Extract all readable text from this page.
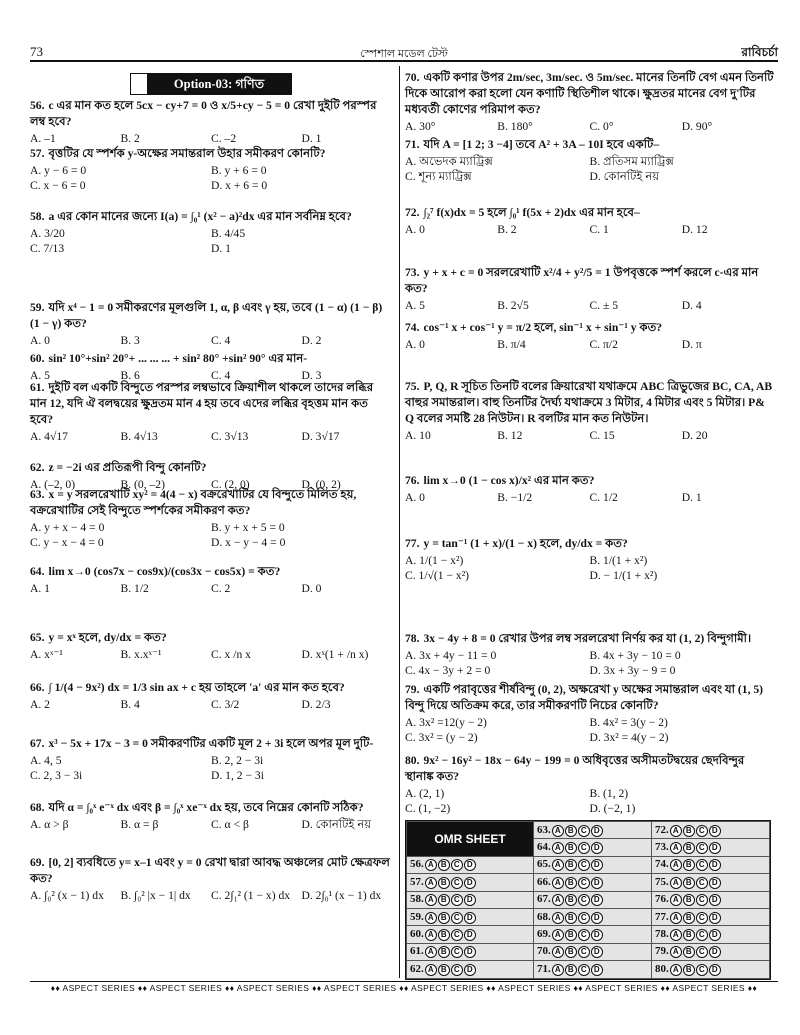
73	স্পেশাল মডেল টেস্ট	রাবিচর্চা
Option-03: গণিত
56. c এর মান কত হলে 5cx − cy+7 = 0 ও x/5+cy − 5 = 0 রেখা দুইটি পরস্পর লম্ব হবে?
A. –1	B. 2	C. –2	D. 1
57. বৃত্তটির যে স্পর্শক y-অক্ষের সমান্তরাল উহার সমীকরণ কোনটি?
A. y − 6 = 0	B. y + 6 = 0
C. x − 6 = 0	D. x + 6 = 0
58. a এর কোন মানের জন্যে I(a) = ∫₀¹ (x² − a)²dx এর মান সর্বনিম্ন হবে?
A. 3/20	B. 4/45
C. 7/13	D. 1
59. যদি x⁴ − 1 = 0 সমীকরণের মূলগুলি 1, α, β এবং γ হয়, তবে (1 − α) (1 − β) (1 − γ) কত?
A. 0	B. 3	C. 4	D. 2
60. sin² 10°+sin² 20°+ ... ... ... + sin² 80° +sin² 90° এর মান-
A. 5	B. 6	C. 4	D. 3
61. দুইটি বল একটি বিন্দুতে পরস্পর লম্বভাবে ক্রিয়াশীল থাকলে তাদের লব্ধির মান 12, যদি ঐ বলদ্বয়ের ক্ষুদ্রতম মান 4 হয় তবে এদের লব্ধির বৃহত্তম মান কত হবে?
A. 4√17	B. 4√13	C. 3√13	D. 3√17
62. z = −2i এর প্রতিরূপী বিন্দু কোনটি?
A. (–2, 0)	B. (0, –2)	C. (2, 0)	D. (0, 2)
63. x = y সরলরেখাটি xy² = 4(4 − x) বক্ররেখাটির যে বিন্দুতে মিলিত হয়, বক্ররেখাটির সেই বিন্দুতে স্পর্শকের সমীকরণ কত?
A. y + x − 4 = 0	B. y + x + 5 = 0
C. y − x − 4 = 0	D. x − y − 4 = 0
64. lim x→0 (cos7x − cos9x)/(cos3x − cos5x) = কত?
A. 1	B. 1/2	C. 2	D. 0
65. y = xˣ হলে, dy/dx = কত?
A. xˣ⁻¹	B. x.xˣ⁻¹	C. x /n x	D. xˣ(1 + /n x)
66. ∫ 1/(4 − 9x²) dx = 1/3 sin ax + c হয় তাহলে 'a' এর মান কত হবে?
A. 2	B. 4	C. 3/2	D. 2/3
67. x³ − 5x + 17x − 3 = 0 সমীকরণটির একটি মূল 2 + 3i হলে অপর মূল দুটি-
A. 4, 5	B. 2, 2 − 3i
C. 2, 3 − 3i	D. 1, 2 − 3i
68. যদি α = ∫₀ˣ e⁻ˣ dx এবং β = ∫₀ˣ xe⁻ˣ dx হয়, তবে নিম্নের কোনটি সঠিক?
A. α > β	B. α = β	C. α < β	D. কোনটিই নয়
69. [0, 2] ব্যবধিতে y= x–1 এবং y = 0 রেখা দ্বারা আবদ্ধ অঞ্চলের মোট ক্ষেত্রফল কত?
A. ∫₀² (x − 1) dx	B. ∫₀² |x − 1| dx	C. 2∫₁² (1 − x) dx D. 2∫₀¹ (x − 1) dx
70. একটি কণার উপর 2m/sec, 3m/sec. ও 5m/sec. মানের তিনটি বেগ এমন তিনটি দিকে আরোপ করা হলো যেন কণাটি স্থিতিশীল থাকে। ক্ষুদ্রতর মানের বেগ দু'টির মধ্যবর্তী কোণের পরিমাপ কত?
A. 30°	B. 180°	C. 0°	D. 90°
71. যদি A = [1 2; 3 −4] তবে A² + 3A – 10I হবে একটি–
A. অভেদক ম্যাট্রিক্স	B. প্রতিসম ম্যাট্রিক্স
C. শূন্য ম্যাট্রিক্স	D. কোনটিই নয়
72. ∫₂⁷ f(x)dx = 5 হলে ∫₀¹ f(5x + 2)dx এর মান হবে–
A. 0	B. 2	C. 1	D. 12
73. y + x + c = 0 সরলরেখাটি x²/4 + y²/5 = 1 উপবৃত্তকে স্পর্শ করলে c-এর মান কত?
A. 5	B. 2√5	C. ± 5	D. 4
74. cos⁻¹ x + cos⁻¹ y = π/2 হলে, sin⁻¹ x + sin⁻¹ y কত?
A. 0	B. π/4	C. π/2	D. π
75. P, Q, R সূচিত তিনটি বলের ক্রিয়ারেখা যথাক্রমে ABC ত্রিভুজের BC, CA, AB বাহুর সমান্তরাল। বাহু তিনটির দৈর্ঘ্য যথাক্রমে 3 মিটার, 4 মিটার এবং 5 মিটার। P& Q বলের সমষ্টি 28 নিউটন। R বলটির মান কত নিউটন।
A. 10	B. 12	C. 15	D. 20
76. lim x→0 (1 − cos x)/x² এর মান কত?
A. 0	B. −1/2	C. 1/2	D. 1
77. y = tan⁻¹ (1 + x)/(1 − x) হলে, dy/dx = কত?
A. 1/(1 − x²)	B. 1/(1 + x²)
C. 1/√(1 − x²)	D. − 1/(1 + x²)
78. 3x − 4y + 8 = 0 রেখার উপর লম্ব সরলরেখা নির্ণয় কর যা (1, 2) বিন্দুগামী।
A. 3x + 4y − 11 = 0	B. 4x + 3y − 10 = 0
C. 4x − 3y + 2 = 0	D. 3x + 3y − 9 = 0
79. একটি পরাবৃত্তের শীর্ষবিন্দু (0, 2), অক্ষরেখা y অক্ষের সমান্তরাল এবং যা (1, 5) বিন্দু দিয়ে অতিক্রম করে, তার সমীকরণটি নিচের কোনটি?
A. 3x² =12(y − 2)	B. 4x² = 3(y − 2)
C. 3x² = (y − 2)	D. 3x² = 4(y − 2)
80. 9x² − 16y² − 18x − 64y − 199 = 0 অধিবৃত্তের অসীমতটদ্বয়ের ছেদবিন্দুর স্থানাঙ্ক কত?
A. (2, 1)	B. (1, 2)
C. (1, −2)	D. (−2, 1)
OMR SHEET	63. A B C D	72. A B C D
	64. A B C D	73. A B C D
56. A B C D	65. A B C D	74. A B C D
57. A B C D	66. A B C D	75. A B C D
58. A B C D	67. A B C D	76. A B C D
59. A B C D	68. A B C D	77. A B C D
60. A B C D	69. A B C D	78. A B C D
61. A B C D	70. A B C D	79. A B C D
62. A B C D	71. A B C D	80. A B C D
♦♦ ASPECT SERIES ♦♦ ASPECT SERIES ♦♦ ASPECT SERIES ♦♦ ASPECT SERIES ♦♦ ASPECT SERIES ♦♦ ASPECT SERIES ♦♦ ASPECT SERIES ♦♦ ASPECT SERIES ♦♦
